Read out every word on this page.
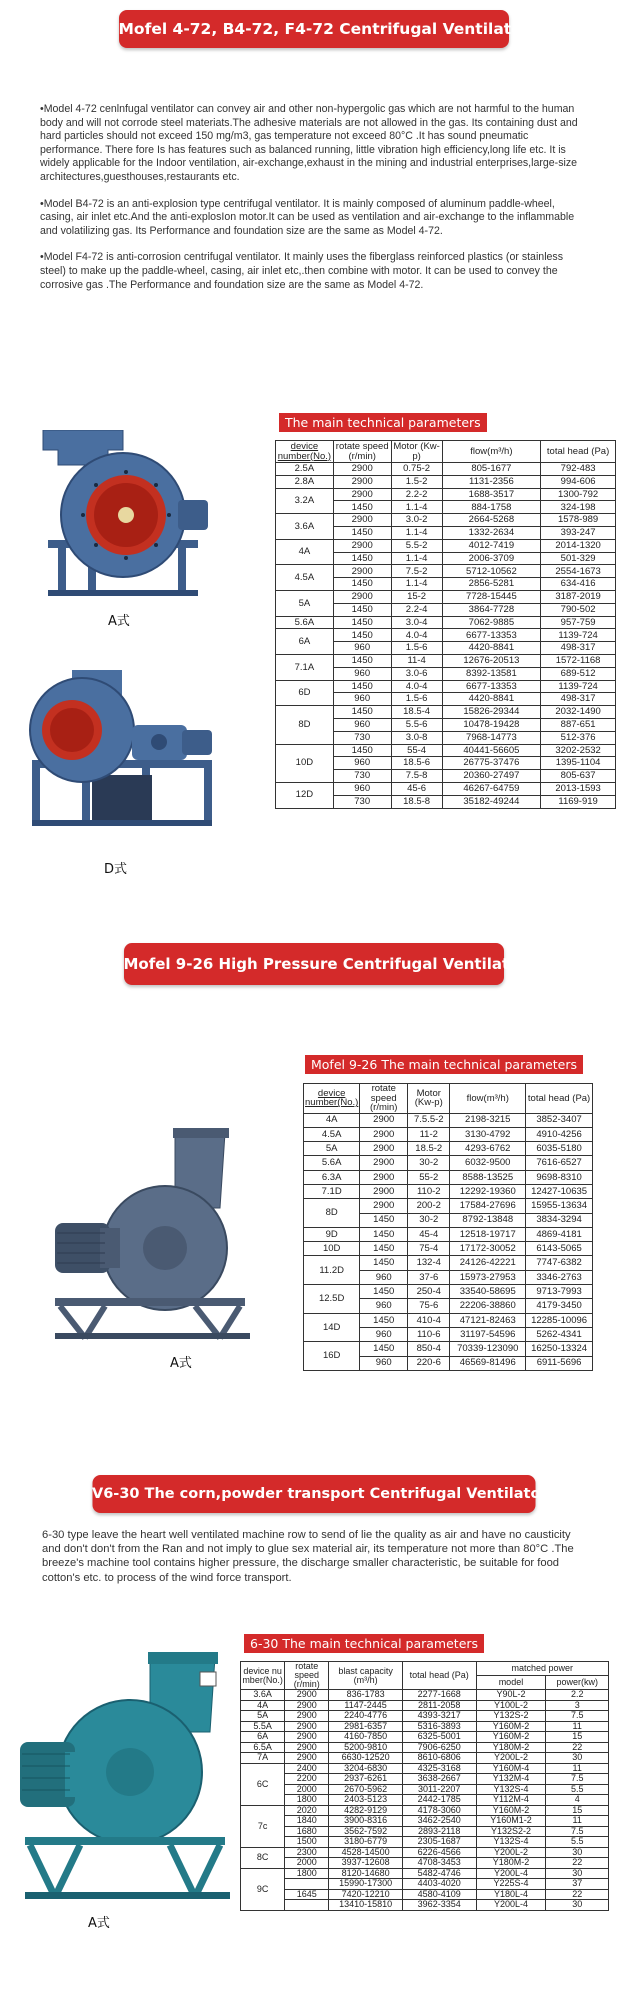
Mofel 4-72, B4-72, F4-72 Centrifugal Ventilator

•Model 4-72 cenlnfugal ventilator can convey air and other non-hypergolic gas which are not harmful to the human body and will not corrode steel materiats.The adhesive materials are not allowed in the gas. Its containing dust and hard particles should not exceed 150 mg/m3, gas temperature not exceed 80°C .It has sound pneumatic performance. There fore Is has features such as balanced running, little vibration high efficiency,long life etc. It is widely applicable for the Indoor ventilation, air-exchange,exhaust in the mining and industrial enterprises,large-size architectures,guesthouses,restaurants etc.

•Model B4-72 is an anti-explosion type centrifugal ventilator. It is mainly composed of aluminum paddle-wheel, casing, air inlet etc.And the anti-explosIon motor.It can be used as ventilation and air-exchange to the inflammable and volatilizing gas. Its Performance and foundation size are the same as Model 4-72.

•Model F4-72 is anti-corrosion centrifugal ventilator. It mainly uses the fiberglass reinforced plastics (or stainless steel) to make up the paddle-wheel, casing, air inlet etc,.then combine with motor. It can be used to convey the corrosive gas .The Performance and foundation size are the same as Model 4-72.

A式
D式
The main technical parameters
device number(No.)	rotate speed (r/min)	Motor (Kw-p)	flow(m³/h)	total head (Pa)
2.5A	2900	0.75-2	805-1677	792-483
2.8A	2900	1.5-2	1131-2356	994-606
3.2A	2900	2.2-2	1688-3517	1300-792
	1450	1.1-4	884-1758	324-198
3.6A	2900	3.0-2	2664-5268	1578-989
	1450	1.1-4	1332-2634	393-247
4A	2900	5.5-2	4012-7419	2014-1320
	1450	1.1-4	2006-3709	501-329
4.5A	2900	7.5-2	5712-10562	2554-1673
	1450	1.1-4	2856-5281	634-416
5A	2900	15-2	7728-15445	3187-2019
	1450	2.2-4	3864-7728	790-502
5.6A	1450	3.0-4	7062-9885	957-759
6A	1450	4.0-4	6677-13353	1139-724
	960	1.5-6	4420-8841	498-317
7.1A	1450	11-4	12676-20513	1572-1168
	960	3.0-6	8392-13581	689-512
6D	1450	4.0-4	6677-13353	1139-724
	960	1.5-6	4420-8841	498-317
8D	1450	18.5-4	15826-29344	2032-1490
	960	5.5-6	10478-19428	887-651
	730	3.0-8	7968-14773	512-376
10D	1450	55-4	40441-56605	3202-2532
	960	18.5-6	26775-37476	1395-1104
	730	7.5-8	20360-27497	805-637
12D	960	45-6	46267-64759	2013-1593
	730	18.5-8	35182-49244	1169-919
Mofel 9-26 High Pressure Centrifugal Ventilator
Mofel 9-26 The main technical parameters
device number(No.)	rotate speed (r/min)	Motor (Kw-p)	flow(m³/h)	total head (Pa)
4A	2900	7.5.5-2	2198-3215	3852-3407
4.5A	2900	11-2	3130-4792	4910-4256
5A	2900	18.5-2	4293-6762	6035-5180
5.6A	2900	30-2	6032-9500	7616-6527
6.3A	2900	55-2	8588-13525	9698-8310
7.1D	2900	110-2	12292-19360	12427-10635
8D	2900	200-2	17584-27696	15955-13634
	1450	30-2	8792-13848	3834-3294
9D	1450	45-4	12518-19717	4869-4181
10D	1450	75-4	17172-30052	6143-5065
11.2D	1450	132-4	24126-42221	7747-6382
	960	37-6	15973-27953	3346-2763
12.5D	1450	250-4	33540-58695	9713-7993
	960	75-6	22206-38860	4179-3450
14D	1450	410-4	47121-82463	12285-10096
	960	110-6	31197-54596	5262-4341
16D	1450	850-4	70339-123090	16250-13324
	960	220-6	46569-81496	6911-5696
A式
V6-30 The corn,powder transport Centrifugal Ventilator

6-30 type leave the heart well ventilated machine row to send of lie the quality as air and have no causticity and don't don't from the Ran and not imply to glue sex material air, its temperature not more than 80°C .The breeze's machine tool contains higher pressure, the discharge smaller characteristic, be suitable for food cotton's etc. to process of the wind force transport.

6-30 The main technical parameters
device nu mber(No.)	rotate speed (r/min)	blast capacity (m³/h)	total head (Pa)	matched power	
				model	power(kw)
3.6A	2900	836-1783	2277-1668	Y90L-2	2.2
4A	2900	1147-2445	2811-2058	Y100L-2	3
5A	2900	2240-4776	4393-3217	Y132S-2	7.5
5.5A	2900	2981-6357	5316-3893	Y160M-2	11
6A	2900	4160-7850	6325-5001	Y160M-2	15
6.5A	2900	5200-9810	7906-6250	Y180M-2	22
7A	2900	6630-12520	8610-6806	Y200L-2	30
6C	2400	3204-6830	4325-3168	Y160M-4	11
	2200	2937-6261	3638-2667	Y132M-4	7.5
	2000	2670-5962	3011-2207	Y132S-4	5.5
	1800	2403-5123	2442-1785	Y112M-4	4
7c	2020	4282-9129	4178-3060	Y160M-2	15
	1840	3900-8316	3462-2540	Y160M1-2	11
	1680	3562-7592	2893-2118	Y132S2-2	7.5
	1500	3180-6779	2305-1687	Y132S-4	5.5
8C	2300	4528-14500	6226-4566	Y200L-2	30
	2000	3937-12608	4708-3453	Y180M-2	22
9C	1800	8120-14680	5482-4746	Y200L-4	30
		15990-17300	4403-4020	Y225S-4	37
	1645	7420-12210	4580-4109	Y180L-4	22
		13410-15810	3962-3354	Y200L-4	30
A式
